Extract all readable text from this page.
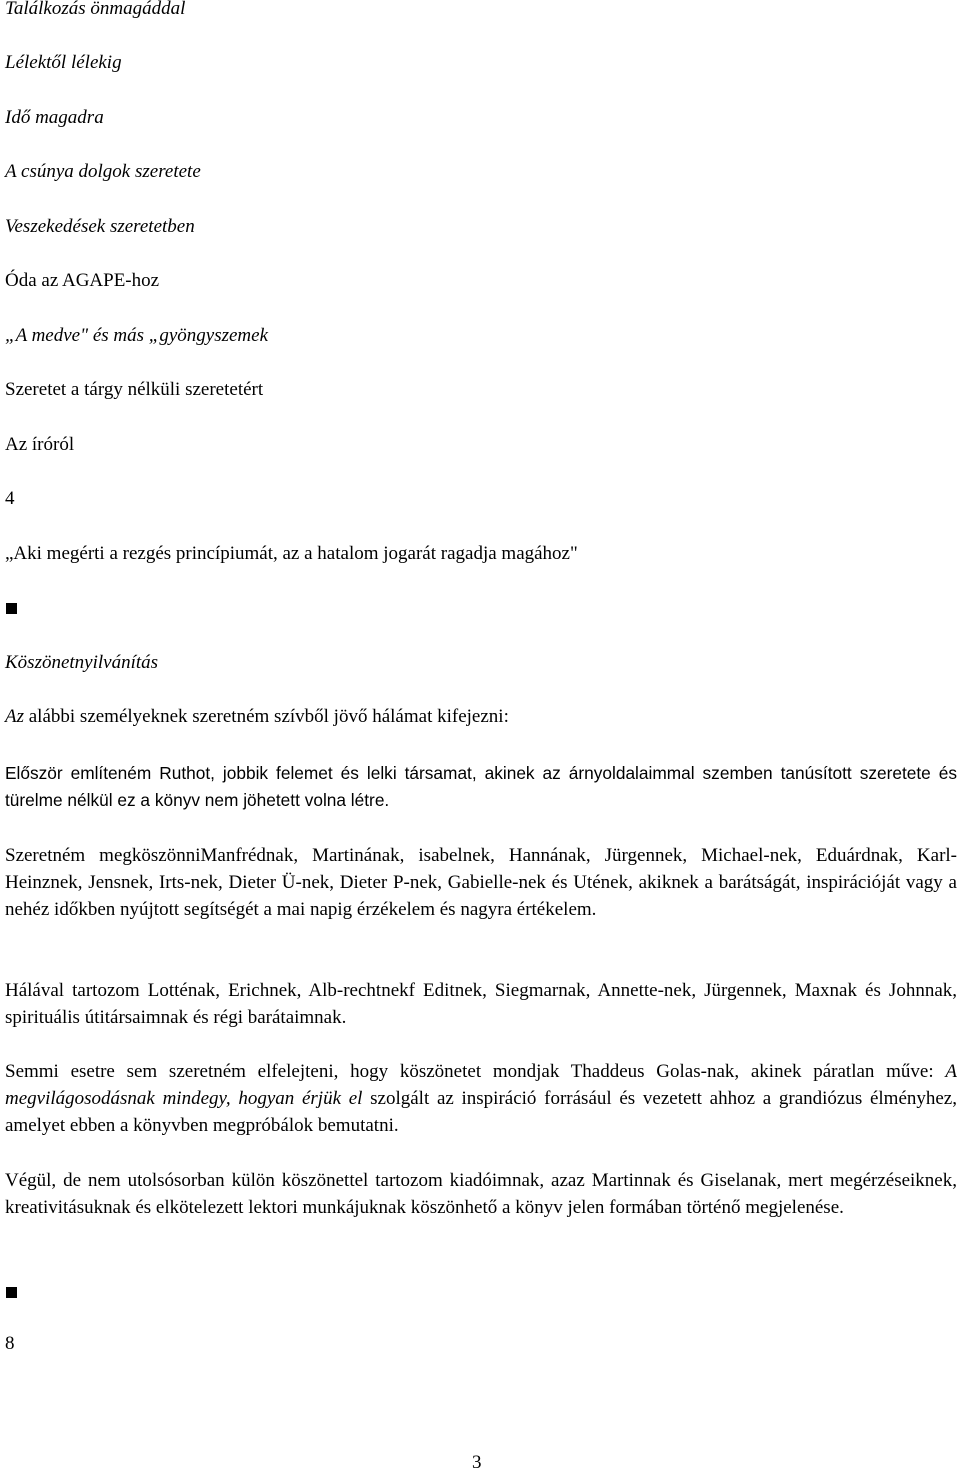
Találkozás önmagáddal
Lélektől lélekig
Idő magadra
A csúnya dolgok szeretete
Veszekedések szeretetben
Óda az AGAPE-hoz
„A medve" és más „gyöngyszemek
Szeretet a tárgy nélküli szeretetért
Az íróról
4
„Aki megérti a rezgés princípiumát, az a hatalom jogarát ragadja magához"
Köszönetnyilvánítás
Az alábbi személyeknek szeretném szívből jövő hálámat kifejezni:
Először említeném Ruthot, jobbik felemet és lelki társamat, akinek az árnyoldalaimmal szemben tanúsított szeretete és türelme nélkül ez a könyv nem jöhetett volna létre.
Szeretném megköszönniManfrédnak, Martinának, isabelnek, Hannának, Jürgennek, Michael-nek, Eduárdnak, Karl-Heinznek, Jensnek, Irts-nek, Dieter Ü-nek, Dieter P-nek, Gabielle-nek és Utének, akiknek a barátságát, inspirációját vagy a nehéz időkben nyújtott segítségét a mai napig érzékelem és nagyra értékelem.
Hálával tartozom Lotténak, Erichnek, Alb-rechtnekf Editnek, Siegmarnak, Annette-nek, Jürgennek, Maxnak és Johnnak, spirituális útitársaimnak és régi barátaimnak.
Semmi esetre sem szeretném elfelejteni, hogy köszönetet mondjak Thaddeus Golas-nak, akinek páratlan műve: A megvilágosodásnak mindegy, hogyan érjük el szolgált az inspiráció forrásául és vezetett ahhoz a grandiózus élményhez, amelyet ebben a könyvben megpróbálok bemutatni.
Végül, de nem utolsósorban külön köszönettel tartozom kiadóimnak, azaz Martinnak és Giselanak, mert megérzéseiknek, kreativitásuknak és elkötelezett lektori munkájuknak köszönhető a könyv jelen formában történő megjelenése.
8
3
